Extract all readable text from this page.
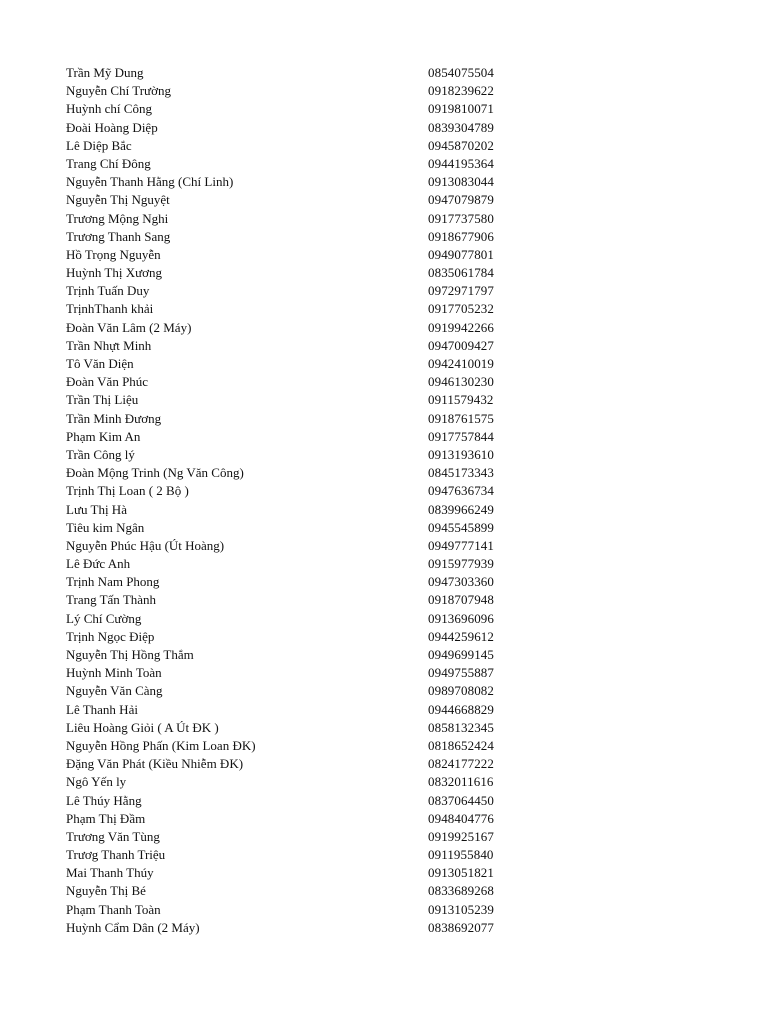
Trần Mỹ Dung	0854075504
Nguyễn Chí Trường	0918239622
Huỳnh chí Công	0919810071
Đoài Hoàng Diệp	0839304789
Lê Diệp Bắc	0945870202
Trang Chí Đông	0944195364
Nguyễn Thanh Hằng (Chí Linh)	0913083044
Nguyễn Thị Nguyệt	0947079879
Trương Mộng Nghi	0917737580
Trương Thanh Sang	0918677906
Hồ Trọng Nguyễn	0949077801
Huỳnh Thị Xương	0835061784
Trịnh Tuấn Duy	0972971797
TrịnhThanh khải	0917705232
Đoàn Văn Lâm (2 Máy)	0919942266
Trần Nhựt Minh	0947009427
Tô Văn Diện	0942410019
Đoàn Văn Phúc	0946130230
Trần Thị Liệu	0911579432
Trần Minh Đương	0918761575
Phạm Kim An	0917757844
Trần Công lý	0913193610
Đoàn Mộng Trinh (Ng Văn Công)	0845173343
Trịnh Thị Loan ( 2 Bộ )	0947636734
Lưu Thị Hà	0839966249
Tiêu kim Ngân	0945545899
Nguyễn Phúc Hậu (Út Hoàng)	0949777141
Lê Đức Anh	0915977939
Trịnh Nam Phong	0947303360
Trang Tấn Thành	0918707948
Lý Chí Cường	0913696096
Trịnh Ngọc Điệp	0944259612
Nguyễn Thị Hồng Thắm	0949699145
Huỳnh Minh Toàn	0949755887
Nguyễn Văn Càng	0989708082
Lê Thanh Hải	0944668829
Liêu Hoàng Giỏi ( A Út ĐK )	0858132345
Nguyễn Hồng Phấn (Kim Loan ĐK)	0818652424
Đặng Văn Phát (Kiều Nhiễm ĐK)	0824177222
Ngô Yến ly	0832011616
Lê Thúy Hằng	0837064450
Phạm Thị Đầm	0948404776
Trương Văn Tùng	0919925167
Trươg Thanh Triệu	0911955840
Mai Thanh Thúy	0913051821
Nguyễn Thị Bé	0833689268
Phạm Thanh Toàn	0913105239
Huỳnh Cẩm Dân (2 Máy)	0838692077
